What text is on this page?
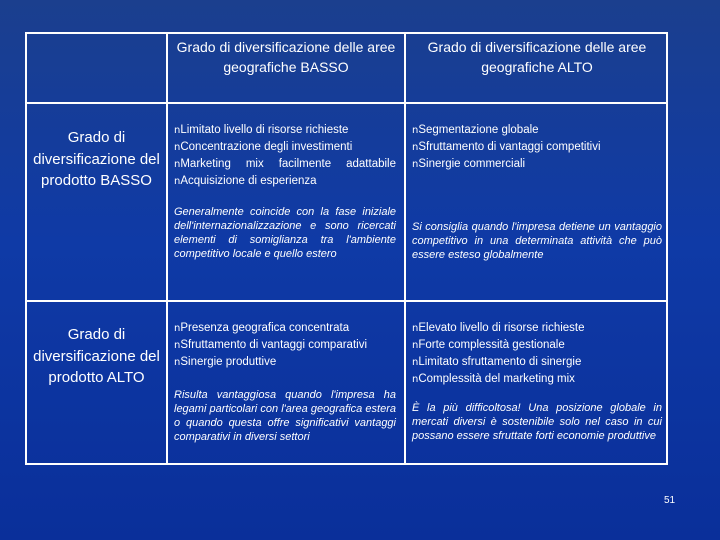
Grado di diversificazione delle aree geografiche BASSO
Grado di diversificazione delle aree geografiche ALTO
Grado di diversificazione del prodotto BASSO
nLimitato livello di risorse richieste
nConcentrazione degli investimenti
nMarketing mix facilmente adattabile
nAcquisizione di esperienza
Generalmente coincide con la fase iniziale dell'internazionalizzazione e sono ricercati elementi di somiglianza tra l'ambiente competitivo locale e quello estero
nSegmentazione globale
nSfruttamento di vantaggi competitivi
nSinergie commerciali
Si consiglia quando l'impresa detiene un vantaggio competitivo in una determinata attività che può essere esteso globalmente
Grado di diversificazione del prodotto ALTO
nPresenza geografica concentrata
nSfruttamento di vantaggi comparativi
nSinergie produttive
Risulta vantaggiosa quando l'impresa ha legami particolari con l'area geografica estera o quando questa offre significativi vantaggi comparativi in diversi settori
nElevato livello di risorse richieste
nForte complessità gestionale
nLimitato sfruttamento di sinergie
nComplessità del marketing mix
È la più difficoltosa! Una posizione globale in mercati diversi è sostenibile solo nel caso in cui possano essere sfruttate forti economie produttive
51
